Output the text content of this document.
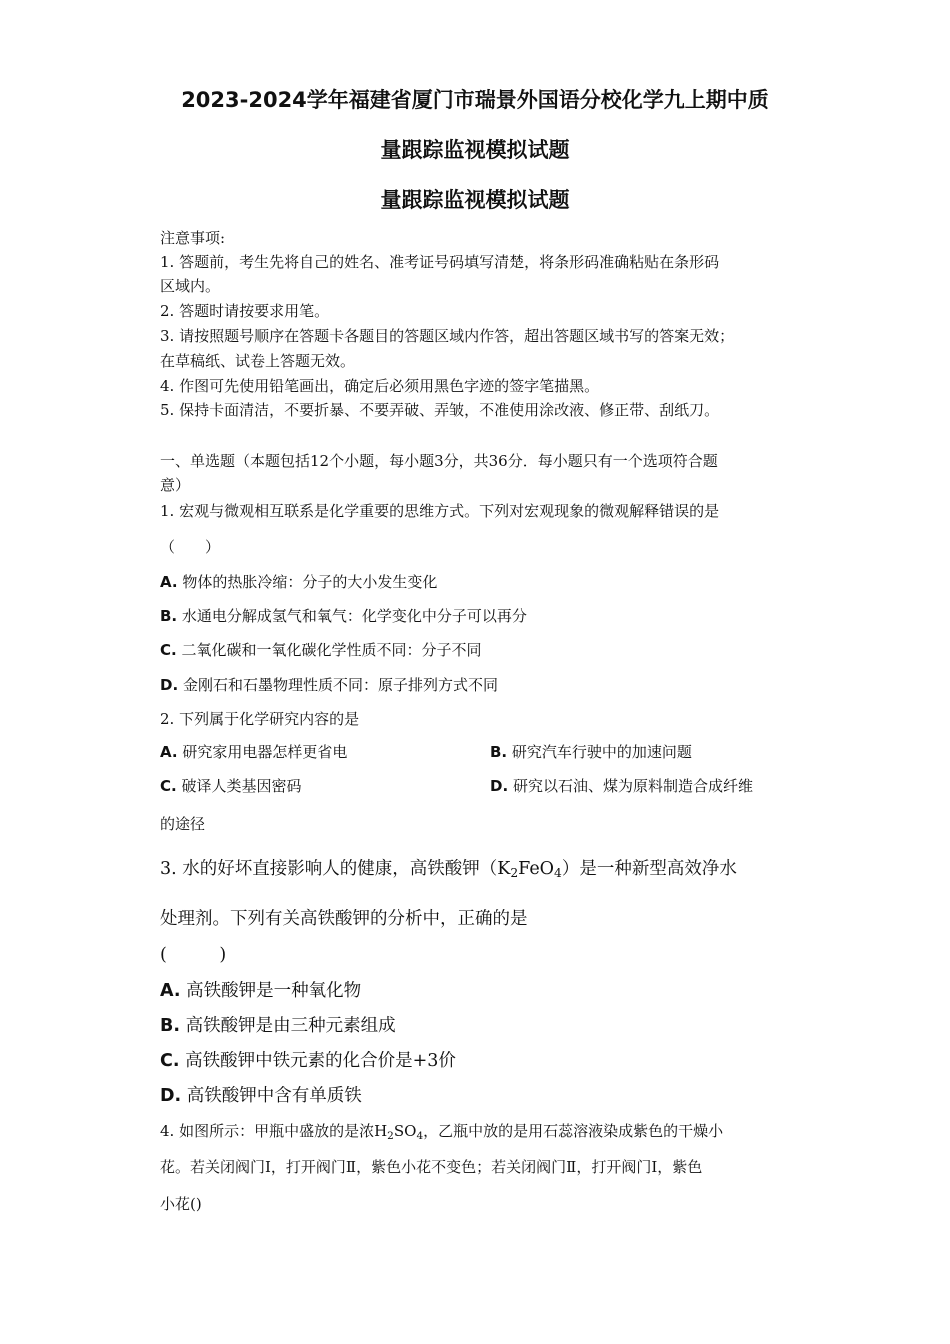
2023-2024学年福建省厦门市瑞景外国语分校化学九上期中质
量跟踪监视模拟试题
量跟踪监视模拟试题
注意事项:
1. 答题前，考生先将自己的姓名、准考证号码填写清楚，将条形码准确粘贴在条形码
区域内。
2. 答题时请按要求用笔。
3. 请按照题号顺序在答题卡各题目的答题区域内作答，超出答题区域书写的答案无效；
在草稿纸、试卷上答题无效。
4. 作图可先使用铅笔画出，确定后必须用黑色字迹的签字笔描黑。
5. 保持卡面清洁，不要折暴、不要弄破、弄皱，不准使用涂改液、修正带、刮纸刀。
一、单选题（本题包括12个小题，每小题3分，共36分．每小题只有一个选项符合题
意）
1. 宏观与微观相互联系是化学重要的思维方式。下列对宏观现象的微观解释错误的是
（　　）
A. 物体的热胀冷缩：分子的大小发生变化
B. 水通电分解成氢气和氧气：化学变化中分子可以再分
C. 二氧化碳和一氧化碳化学性质不同：分子不同
D. 金刚石和石墨物理性质不同：原子排列方式不同
2. 下列属于化学研究内容的是
A. 研究家用电器怎样更省电	B. 研究汽车行驶中的加速问题
C. 破译人类基因密码	D. 研究以石油、煤为原料制造合成纤维
的途径
3. 水的好坏直接影响人的健康，高铁酸钾$(K_2FeO_4)$是一种新型高效净水
处理剂。下列有关高铁酸钾的分析中，正确的是
(　　　)
A. 高铁酸钾是一种氧化物
B. 高铁酸钾是由三种元素组成
C. 高铁酸钾中铁元素的化合价是+3价
D. 高铁酸钾中含有单质铁
4. 如图所示：甲瓶中盛放的是浓$H_2SO_4$，乙瓶中放的是用石蕊溶液染成紫色的干燥小
花。若关闭阀门Ⅰ，打开阀门Ⅱ，紫色小花不变色；若关闭阀门Ⅱ，打开阀门Ⅰ，紫色
小花()
